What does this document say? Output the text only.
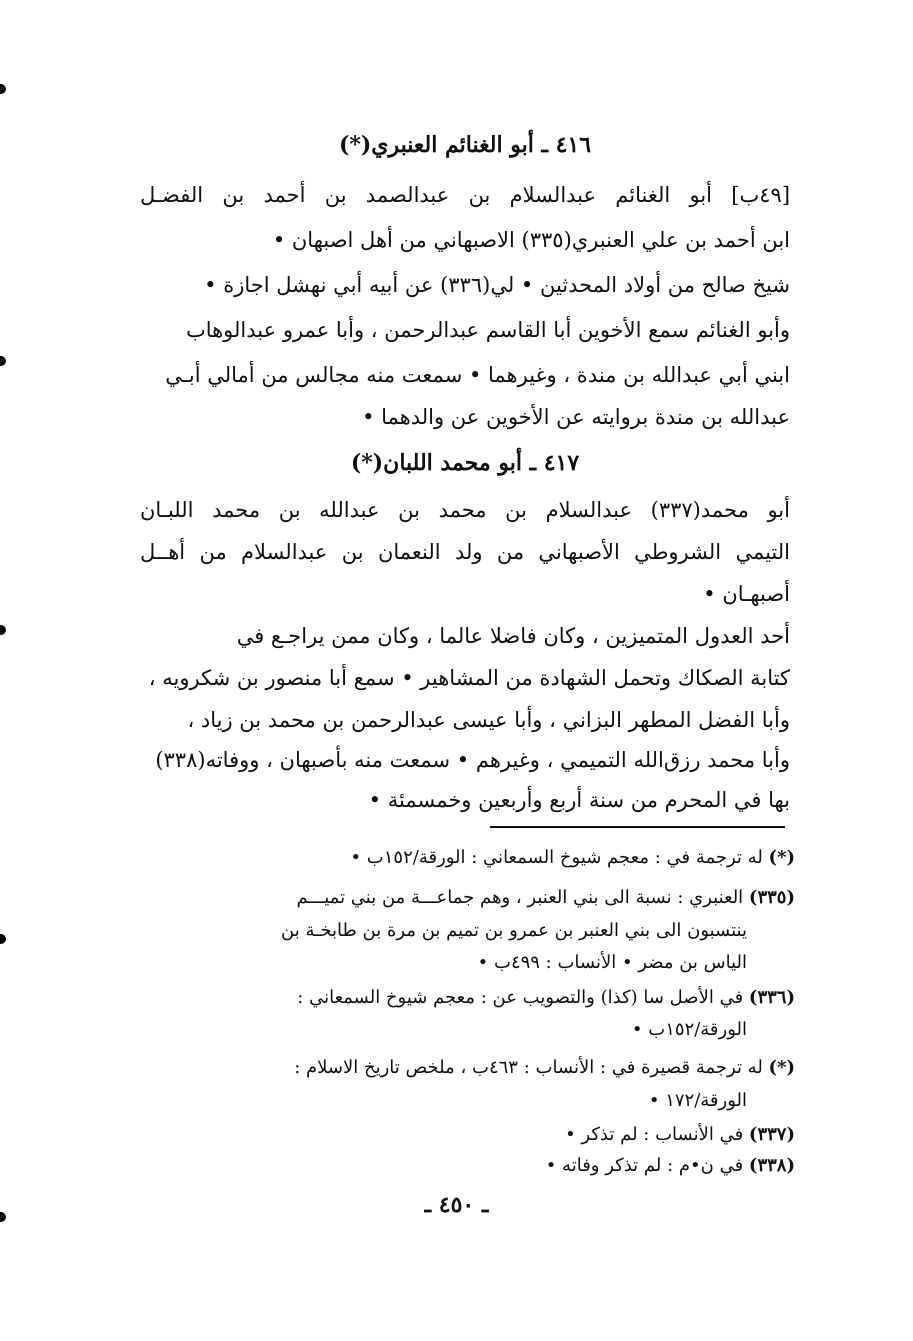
٤١٦ ـ أبو الغنائم العنبري(*)
[٤٩ب] أبو الغنائم عبدالسلام بن عبدالصمد بن أحمد بن الفضـل
ابن أحمد بن علي العنبري(٣٣٥) الاصبهاني من أهل اصبهان •
شيخ صالح من أولاد المحدثين • لي(٣٣٦) عن أبيه أبي نهشل اجازة •
وأبو الغنائم سمع الأخوين أبا القاسم عبدالرحمن ، وأبا عمرو عبدالوهاب
ابني أبي عبدالله بن مندة ، وغيرهما • سمعت منه مجالس من أمالي أبـي
عبدالله بن مندة بروايته عن الأخوين عن والدهما •
٤١٧ ـ أبو محمد اللبان(*)
أبو محمد(٣٣٧) عبدالسلام بن محمد بن عبدالله بن محمد اللبـان
التيمي الشروطي الأصبهاني من ولد النعمان بن عبدالسلام من أهــل
أصبهـان •
أحد العدول المتميزين ، وكان فاضلا عالما ، وكان ممن يراجـع في
كتابة الصكاك وتحمل الشهادة من المشاهير • سمع أبا منصور بن شكرويه ،
وأبا الفضل المطهر البزاني ، وأبا عيسى عبدالرحمن بن محمد بن زياد ،
وأبا محمد رزق‌الله التميمي ، وغيرهم • سمعت منه بأصبهان ، ووفاته(٣٣٨)
بها في المحرم من سنة أربع وأربعين وخمسمئة •
(*) له ترجمة في : معجم شيوخ السمعاني : الورقة/١٥٢ب •
(٣٣٥) العنبري : نسبة الى بني العنبر ، وهم جماعـــة من بني تميـــم
ينتسبون الى بني العنبر بن عمرو بن تميم بن مرة بن طابخـة بن
الياس بن مضر • الأنساب : ٤٩٩ب •
(٣٣٦) في الأصل سا (كذا) والتصويب عن : معجم شيوخ السمعاني :
الورقة/١٥٢ب •
(*) له ترجمة قصيرة في : الأنساب : ٤٦٣ب ، ملخص تاريخ الاسلام :
الورقة/١٧٢ •
(٣٣٧) في الأنساب : لم تذكر •
(٣٣٨) في ن•م : لم تذكر وفاته •
ـ ٤٥٠ ـ
